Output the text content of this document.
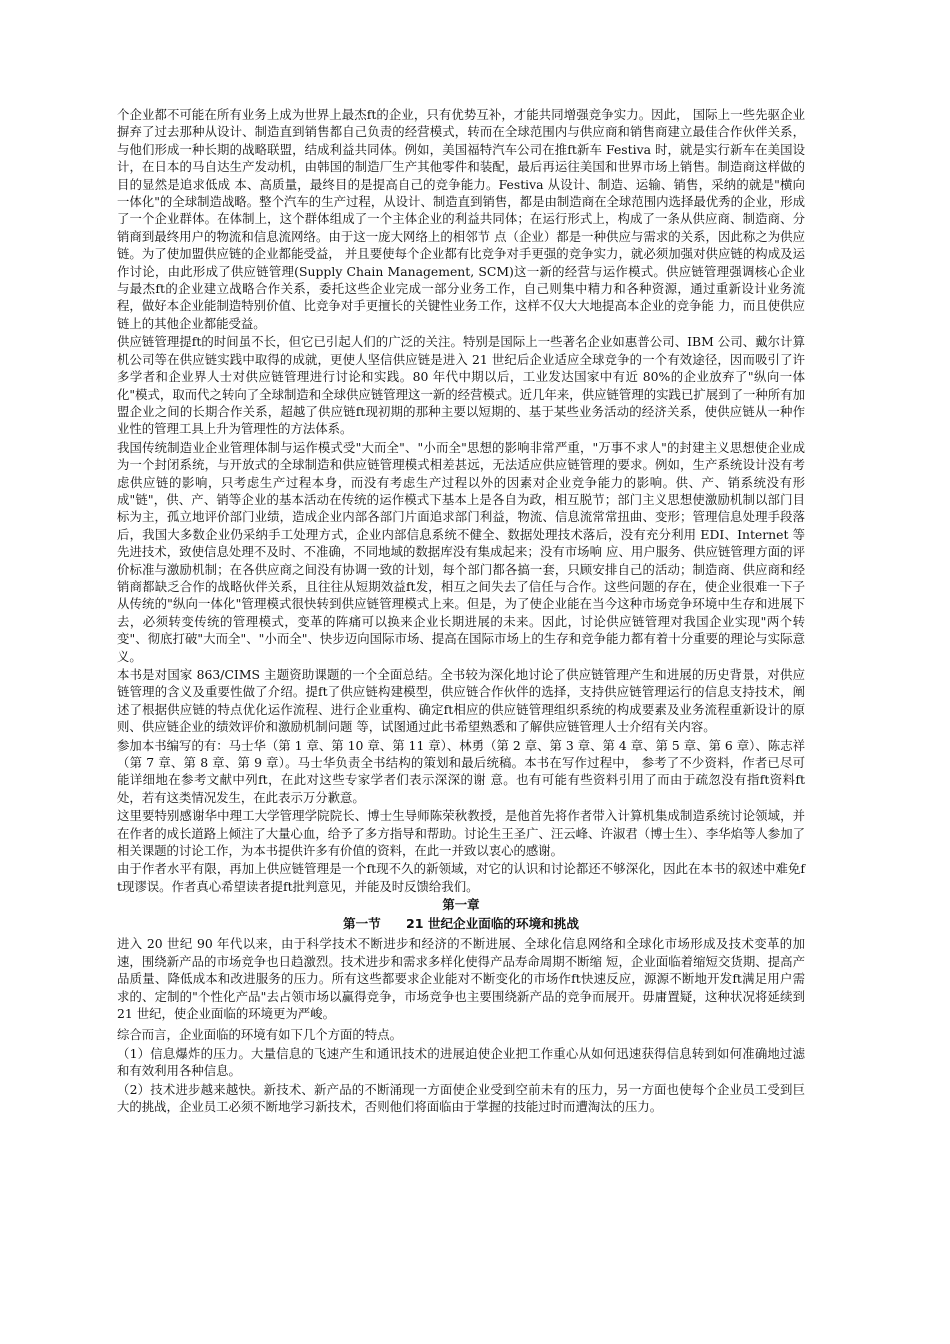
个企业都不可能在所有业务上成为世界上最杰ft的企业，只有优势互补，才能共同增强竞争实力。因此， 国际上一些先驱企业摒弃了过去那种从设计、制造直到销售都自己负责的经营模式，转而在全球范围内与供应商和销售商建立最佳合作伙伴关系，与他们形成一种长期的战略联盟，结成利益共同体。例如，美国福特汽车公司在推ft新车 Festiva 时，就是实行新车在美国设计，在日本的马自达生产发动机，由韩国的制造厂生产其他零件和装配，最后再运往美国和世界市场上销售。制造商这样做的目的显然是追求低成 本、高质量，最终目的是提高自己的竞争能力。Festiva 从设计、制造、运输、销售，采纳的就是"横向一体化"的全球制造战略。整个汽车的生产过程，从设计、制造直到销售，都是由制造商在全球范围内选择最优秀的企业，形成了一个企业群体。在体制上，这个群体组成了一个主体企业的利益共同体；在运行形式上，构成了一条从供应商、制造商、分销商到最终用户的物流和信息流网络。由于这一庞大网络上的相邻节 点（企业）都是一种供应与需求的关系，因此称之为供应链。为了使加盟供应链的企业都能受益， 并且要使每个企业都有比竞争对手更强的竞争实力，就必须加强对供应链的构成及运作讨论，由此形成了供应链管理(Supply Chain Management, SCM)这一新的经营与运作模式。供应链管理强调核心企业与最杰ft的企业建立战略合作关系，委托这些企业完成一部分业务工作，自己则集中精力和各种资源，通过重新设计业务流程，做好本企业能制造特别价值、比竞争对手更擅长的关键性业务工作，这样不仅大大地提高本企业的竞争能 力，而且使供应链上的其他企业都能受益。

供应链管理提ft的时间虽不长，但它已引起人们的广泛的关注。特别是国际上一些著名企业如惠普公司、IBM 公司、戴尔计算机公司等在供应链实践中取得的成就，更使人坚信供应链是进入 21 世纪后企业适应全球竞争的一个有效途径，因而吸引了许多学者和企业界人士对供应链管理进行讨论和实践。80 年代中期以后，工业发达国家中有近 80%的企业放弃了"纵向一体化"模式，取而代之转向了全球制造和全球供应链管理这一新的经营模式。近几年来，供应链管理的实践已扩展到了一种所有加盟企业之间的长期合作关系，超越了供应链ft现初期的那种主要以短期的、基于某些业务活动的经济关系，使供应链从一种作业性的管理工具上升为管理性的方法体系。

我国传统制造业企业管理体制与运作模式受"大而全"、"小而全"思想的影响非常严重，"万事不求人"的封建主义思想使企业成为一个封闭系统，与开放式的全球制造和供应链管理模式相差甚远，无法适应供应链管理的要求。例如，生产系统设计没有考虑供应链的影响，只考虑生产过程本身，而没有考虑生产过程以外的因素对企业竞争能力的影响。供、产、销系统没有形成"链"，供、产、销等企业的基本活动在传统的运作模式下基本上是各自为政，相互脱节；部门主义思想使激励机制以部门目标为主，孤立地评价部门业绩，造成企业内部各部门片面追求部门利益，物流、信息流常常扭曲、变形；管理信息处理手段落后，我国大多数企业仍采纳手工处理方式，企业内部信息系统不健全、数据处理技术落后，没有充分利用 EDI、Internet 等先进技术，致使信息处理不及时、不准确，不同地域的数据库没有集成起来；没有市场响 应、用户服务、供应链管理方面的评价标准与激励机制；在各供应商之间没有协调一致的计划，每个部门都各搞一套，只顾安排自己的活动；制造商、供应商和经销商都缺乏合作的战略伙伴关系，且往往从短期效益ft发，相互之间失去了信任与合作。这些问题的存在，使企业很难一下子从传统的"纵向一体化"管理模式很快转到供应链管理模式上来。但是，为了使企业能在当今这种市场竞争环境中生存和进展下去，必须转变传统的管理模式，变革的阵痛可以换来企业长期进展的未来。因此，讨论供应链管理对我国企业实现"两个转变"、彻底打破"大而全"、"小而全"、快步迈向国际市场、提高在国际市场上的生存和竞争能力都有着十分重要的理论与实际意义。

本书是对国家 863/CIMS 主题资助课题的一个全面总结。全书较为深化地讨论了供应链管理产生和进展的历史背景，对供应链管理的含义及重要性做了介绍。提ft了供应链构建模型，供应链合作伙伴的选择，支持供应链管理运行的信息支持技术，阐述了根据供应链的特点优化运作流程、进行企业重构、确定ft相应的供应链管理组织系统的构成要素及业务流程重新设计的原则、供应链企业的绩效评价和激励机制问题 等，试图通过此书希望熟悉和了解供应链管理人士介绍有关内容。

参加本书编写的有：马士华（第 1 章、第 10 章、第 11 章）、林勇（第 2 章、第 3 章、第 4 章、第 5 章、第 6 章）、陈志祥（第 7 章、第 8 章、第 9 章）。马士华负责全书结构的策划和最后统稿。本书在写作过程中， 参考了不少资料，作者已尽可能详细地在参考文献中列ft，在此对这些专家学者们表示深深的谢 意。也有可能有些资料引用了而由于疏忽没有指ft资料ft处，若有这类情况发生，在此表示万分歉意。

这里要特别感谢华中理工大学管理学院院长、博士生导师陈荣秋教授，是他首先将作者带入计算机集成制造系统讨论领域，并在作者的成长道路上倾注了大量心血，给予了多方指导和帮助。讨论生王圣广、汪云峰、许淑君（博士生）、李华焰等人参加了相关课题的讨论工作，为本书提供许多有价值的资料，在此一并致以衷心的感谢。

由于作者水平有限，再加上供应链管理是一个ft现不久的新领域，对它的认识和讨论都还不够深化，因此在本书的叙述中难免ft现谬误。作者真心希望读者提ft批判意见，并能及时反馈给我们。

第一章
第一节　　21 世纪企业面临的环境和挑战

进入 20 世纪 90 年代以来，由于科学技术不断进步和经济的不断进展、全球化信息网络和全球化市场形成及技术变革的加速，围绕新产品的市场竞争也日趋激烈。技术进步和需求多样化使得产品寿命周期不断缩 短，企业面临着缩短交货期、提高产品质量、降低成本和改进服务的压力。所有这些都要求企业能对不断变化的市场作ft快速反应，源源不断地开发ft满足用户需求的、定制的"个性化产品"去占领市场以赢得竞争，市场竞争也主要围绕新产品的竞争而展开。毋庸置疑，这种状况将延续到 21 世纪，使企业面临的环境更为严峻。

综合而言，企业面临的环境有如下几个方面的特点。

（1）信息爆炸的压力。大量信息的飞速产生和通讯技术的进展迫使企业把工作重心从如何迅速获得信息转到如何准确地过滤和有效利用各种信息。

（2）技术进步越来越快。新技术、新产品的不断涌现一方面使企业受到空前未有的压力，另一方面也使每个企业员工受到巨大的挑战，企业员工必须不断地学习新技术，否则他们将面临由于掌握的技能过时而遭淘汰的压力。
